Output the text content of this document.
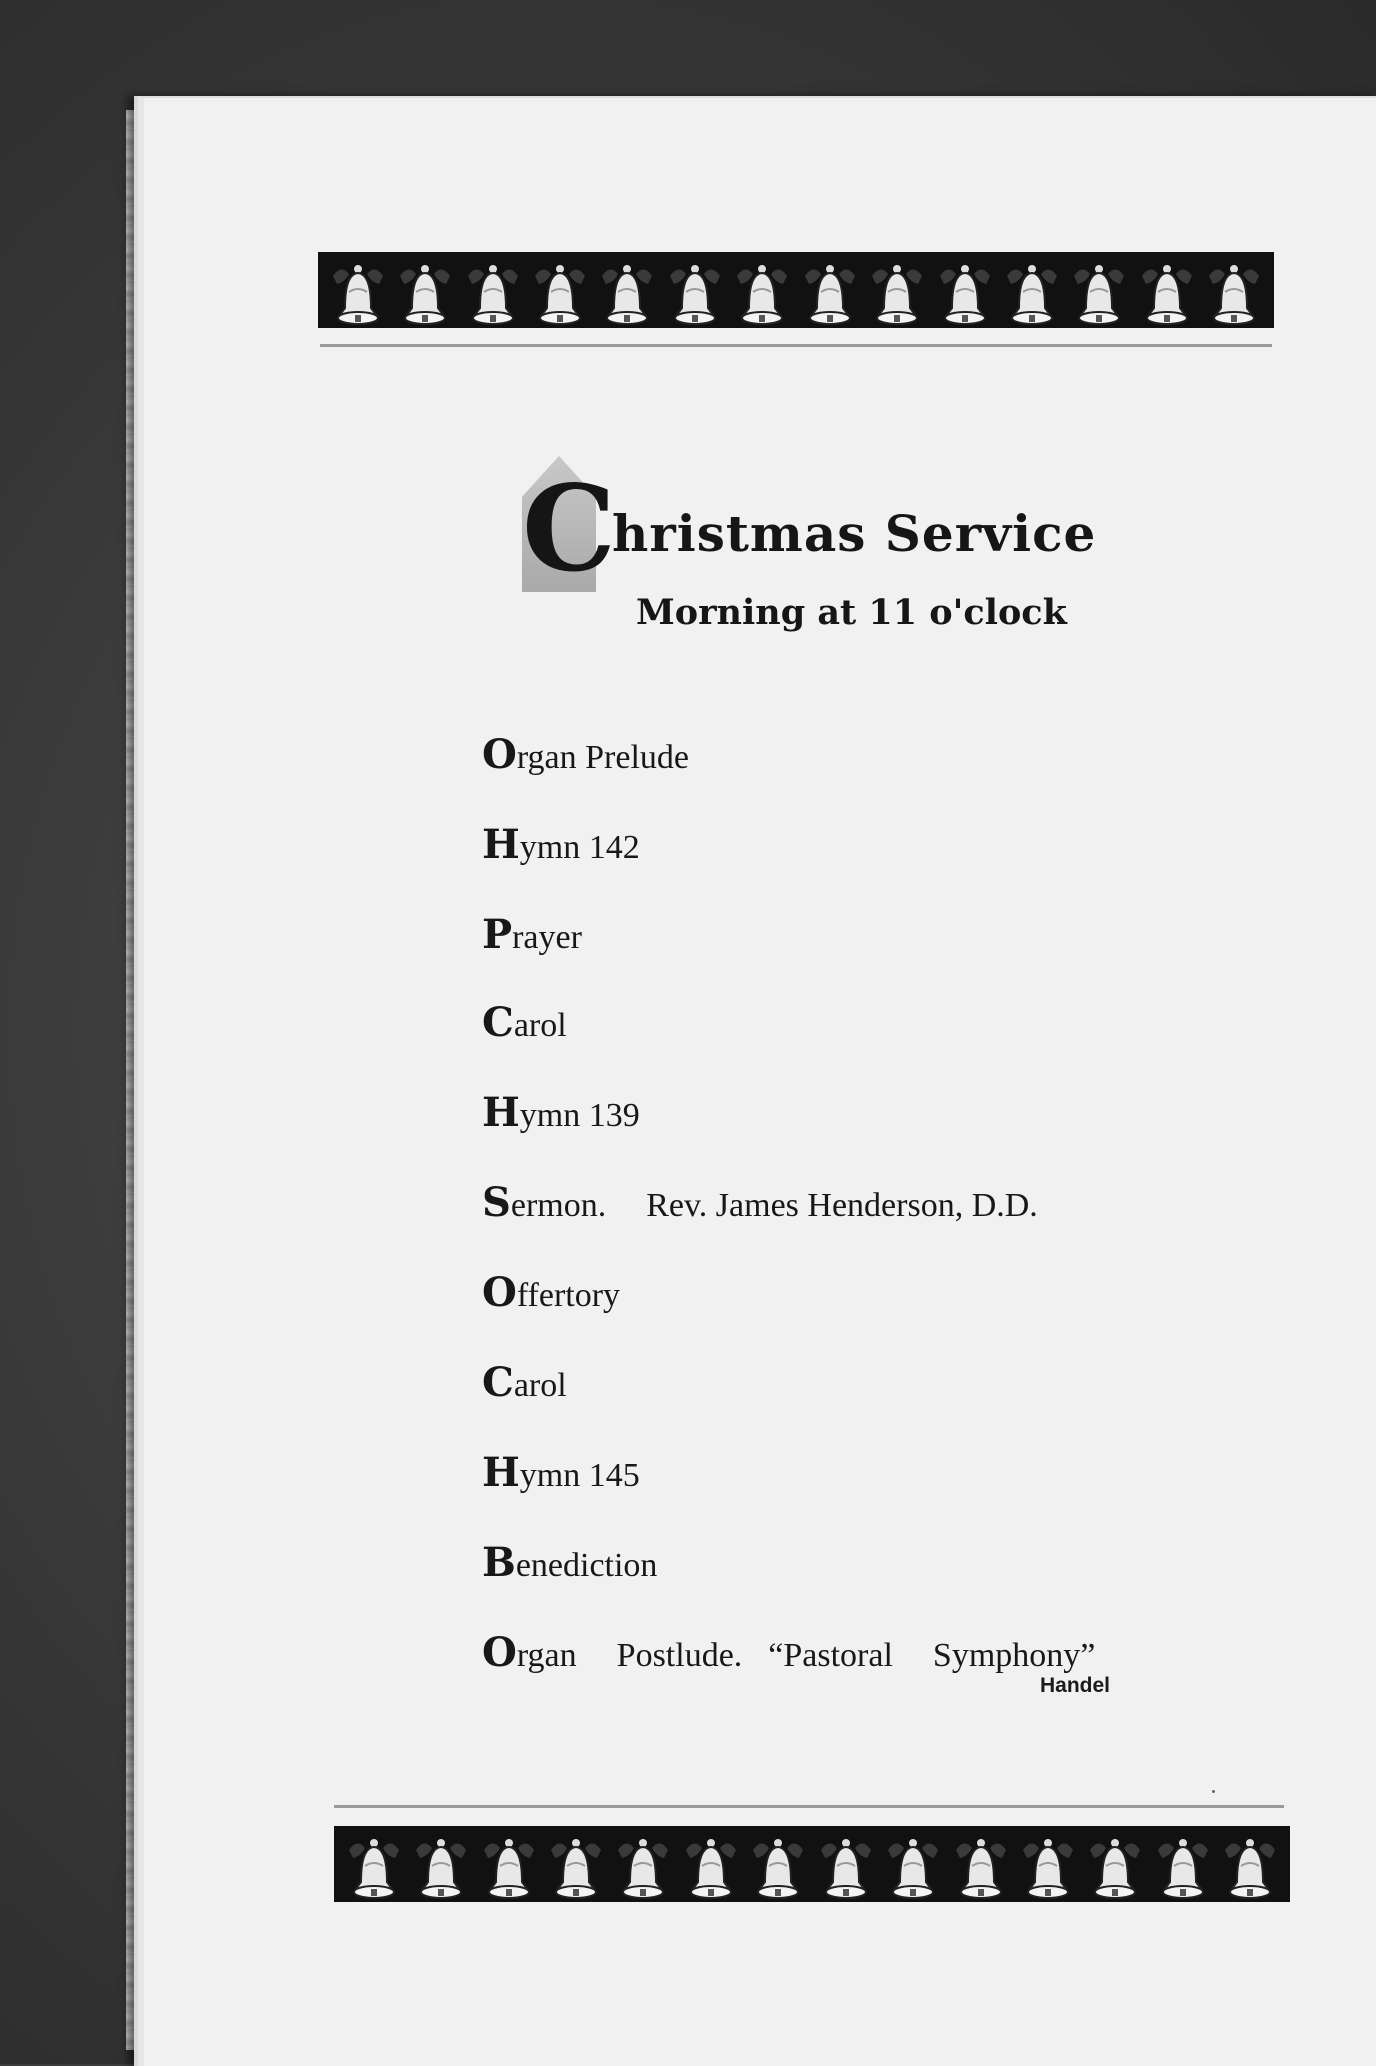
C
hristmas Service
Morning at 11 o'clock
Organ Prelude
Hymn 142
Prayer
Carol
Hymn 139
Sermon. Rev. James Henderson, D.D.
Offertory
Carol
Hymn 145
Benediction
Organ Postlude. “Pastoral Symphony”
Handel
